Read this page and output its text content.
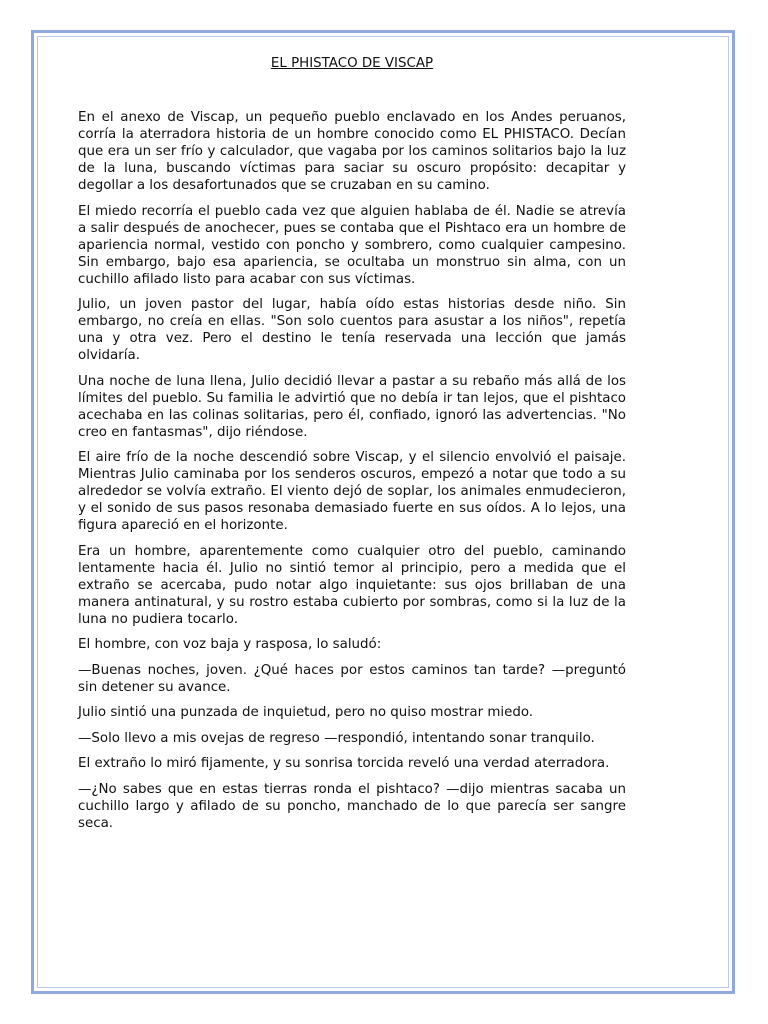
EL PHISTACO DE VISCAP

En el anexo de Viscap, un pequeño pueblo enclavado en los Andes peruanos, corría la aterradora historia de un hombre conocido como EL PHISTACO. Decían que era un ser frío y calculador, que vagaba por los caminos solitarios bajo la luz de la luna, buscando víctimas para saciar su oscuro propósito: decapitar y degollar a los desafortunados que se cruzaban en su camino.

El miedo recorría el pueblo cada vez que alguien hablaba de él. Nadie se atrevía a salir después de anochecer, pues se contaba que el Pishtaco era un hombre de apariencia normal, vestido con poncho y sombrero, como cualquier campesino. Sin embargo, bajo esa apariencia, se ocultaba un monstruo sin alma, con un cuchillo afilado listo para acabar con sus víctimas.

Julio, un joven pastor del lugar, había oído estas historias desde niño. Sin embargo, no creía en ellas. "Son solo cuentos para asustar a los niños", repetía una y otra vez. Pero el destino le tenía reservada una lección que jamás olvidaría.

Una noche de luna llena, Julio decidió llevar a pastar a su rebaño más allá de los límites del pueblo. Su familia le advirtió que no debía ir tan lejos, que el pishtaco acechaba en las colinas solitarias, pero él, confiado, ignoró las advertencias. "No creo en fantasmas", dijo riéndose.

El aire frío de la noche descendió sobre Viscap, y el silencio envolvió el paisaje. Mientras Julio caminaba por los senderos oscuros, empezó a notar que todo a su alrededor se volvía extraño. El viento dejó de soplar, los animales enmudecieron, y el sonido de sus pasos resonaba demasiado fuerte en sus oídos. A lo lejos, una figura apareció en el horizonte.

Era un hombre, aparentemente como cualquier otro del pueblo, caminando lentamente hacia él. Julio no sintió temor al principio, pero a medida que el extraño se acercaba, pudo notar algo inquietante: sus ojos brillaban de una manera antinatural, y su rostro estaba cubierto por sombras, como si la luz de la luna no pudiera tocarlo.

El hombre, con voz baja y rasposa, lo saludó:

—Buenas noches, joven. ¿Qué haces por estos caminos tan tarde? —preguntó sin detener su avance.

Julio sintió una punzada de inquietud, pero no quiso mostrar miedo.

—Solo llevo a mis ovejas de regreso —respondió, intentando sonar tranquilo.

El extraño lo miró fijamente, y su sonrisa torcida reveló una verdad aterradora.

—¿No sabes que en estas tierras ronda el pishtaco? —dijo mientras sacaba un cuchillo largo y afilado de su poncho, manchado de lo que parecía ser sangre seca.
